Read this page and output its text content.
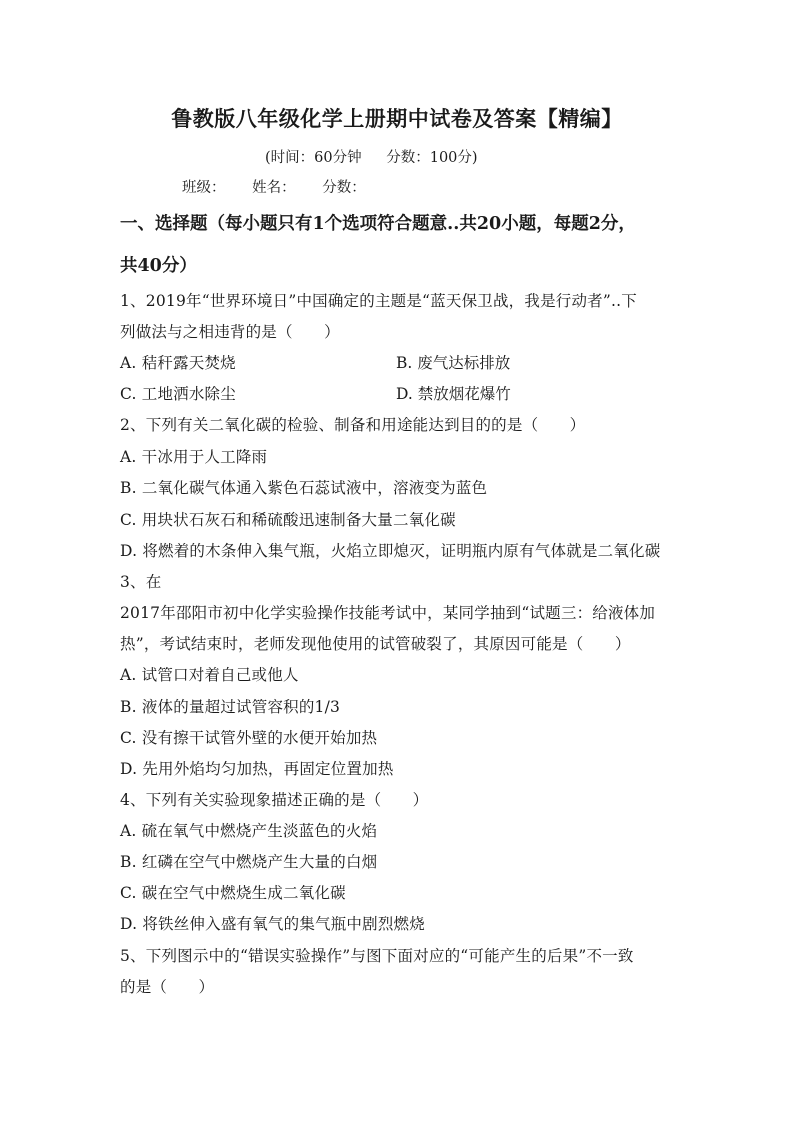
鲁教版八年级化学上册期中试卷及答案【精编】
(时间：60分钟 分数：100分)
班级： 姓名： 分数：
一、选择题（每小题只有1个选项符合题意..共20小题，每题2分，
共40分）
1、2019年“世界环境日”中国确定的主题是“蓝天保卫战，我是行动者”..下
列做法与之相违背的是（　　）
A. 秸秆露天焚烧	B. 废气达标排放
C. 工地洒水除尘	D. 禁放烟花爆竹
2、下列有关二氧化碳的检验、制备和用途能达到目的的是（　　）
A. 干冰用于人工降雨
B. 二氧化碳气体通入紫色石蕊试液中，溶液变为蓝色
C. 用块状石灰石和稀硫酸迅速制备大量二氧化碳
D. 将燃着的木条伸入集气瓶，火焰立即熄灭，证明瓶内原有气体就是二氧化碳
3、在
2017年邵阳市初中化学实验操作技能考试中，某同学抽到“试题三：给液体加
热”，考试结束时，老师发现他使用的试管破裂了，其原因可能是（　　）
A. 试管口对着自己或他人
B. 液体的量超过试管容积的1/3
C. 没有擦干试管外壁的水便开始加热
D. 先用外焰均匀加热，再固定位置加热
4、下列有关实验现象描述正确的是（　　）
A. 硫在氧气中燃烧产生淡蓝色的火焰
B. 红磷在空气中燃烧产生大量的白烟
C. 碳在空气中燃烧生成二氧化碳
D. 将铁丝伸入盛有氧气的集气瓶中剧烈燃烧
5、下列图示中的“错误实验操作”与图下面对应的“可能产生的后果”不一致
的是（　　）
